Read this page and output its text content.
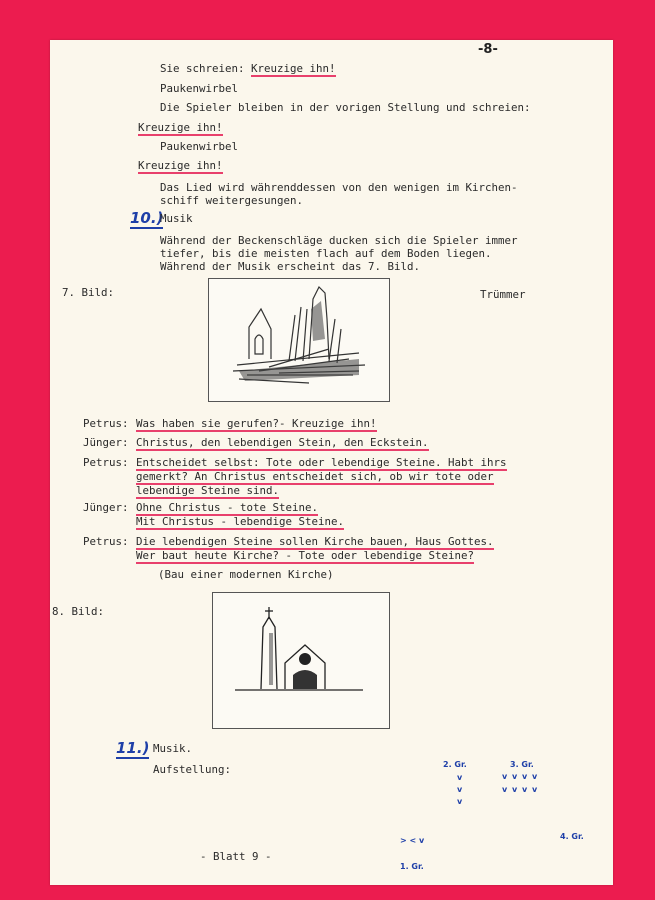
-8-
Sie schreien: Kreuzige ihn!
Paukenwirbel
Die Spieler bleiben in der vorigen Stellung und schreien:
Kreuzige ihn!
Paukenwirbel
Kreuzige ihn!
Das Lied wird währenddessen von den wenigen im Kirchen-
schiff weitergesungen.
10.)
Musik
Während der Beckenschläge ducken sich die Spieler immer
tiefer, bis die meisten flach auf dem Boden liegen.
Während der Musik erscheint das 7. Bild.
7. Bild:	Trümmer
Petrus: Was haben sie gerufen?- Kreuzige ihn!
Jünger: Christus, den lebendigen Stein, den Eckstein.
Petrus: Entscheidet selbst: Tote oder lebendige Steine. Habt ihrs
gemerkt? An Christus entscheidet sich, ob wir tote oder
lebendige Steine sind.
Jünger: Ohne Christus - tote Steine.
Mit Christus - lebendige Steine.
Petrus: Die lebendigen Steine sollen Kirche bauen, Haus Gottes.
Wer baut heute Kirche? - Tote oder lebendige Steine?
(Bau einer modernen Kirche)
8. Bild:
11.) Musik.
Aufstellung:	2. Gr.
v
v
v
3. Gr.
v v v v
v v v v
4. Gr.
> < v
1. Gr.
- Blatt 9 -
